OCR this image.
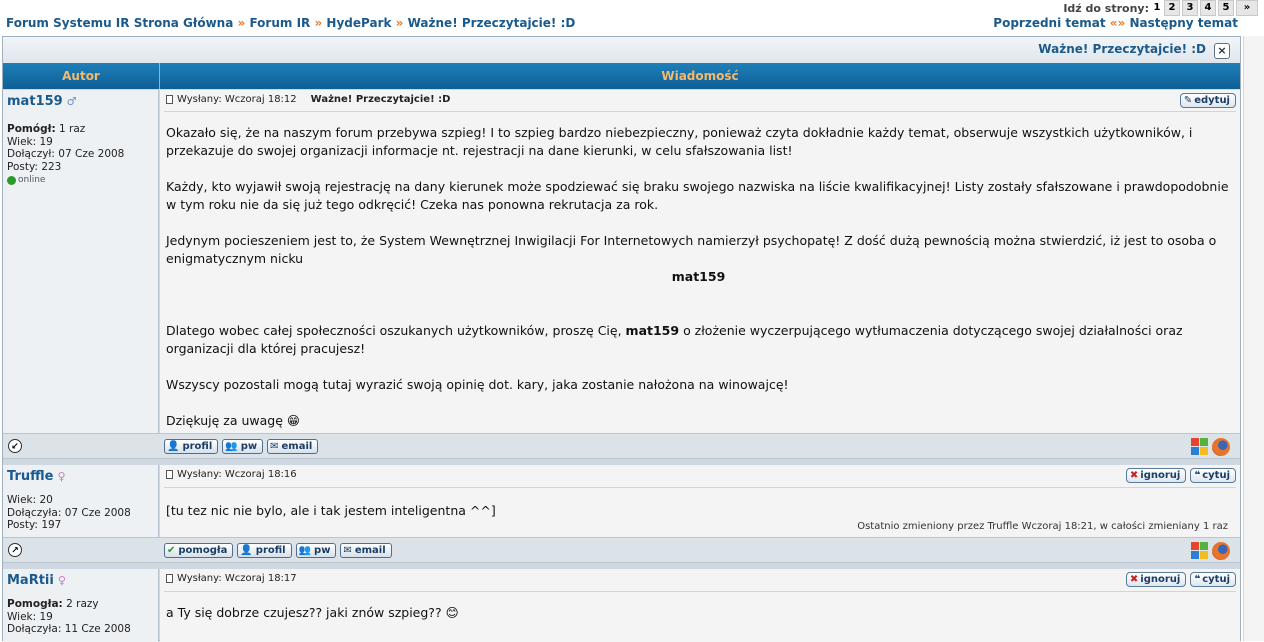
Idź do strony: 1 2	3	4	5	»
Forum Systemu IR Strona Główna » Forum IR » HydePark » Ważne! Przeczytajcie! :D	Poprzedni temat «» Następny temat
Ważne! Przeczytajcie! :D	×
Autor	Wiadomość
mat159 ♂
Pomógł: 1 raz
Wiek: 19
Dołączył: 07 Cze 2008
Posty: 223
online
Wysłany: Wczoraj 18:12 Ważne! Przeczytajcie! :D	✎ edytuj

Okazało się, że na naszym forum przebywa szpieg! I to szpieg bardzo niebezpieczny, ponieważ czyta dokładnie każdy temat, obserwuje wszystkich użytkowników, i przekazuje do swojej organizacji informacje nt. rejestracji na dane kierunki, w celu sfałszowania list!

Każdy, kto wyjawił swoją rejestrację na dany kierunek może spodziewać się braku swojego nazwiska na liście kwalifikacyjnej! Listy zostały sfałszowane i prawdopodobnie w tym roku nie da się już tego odkręcić! Czeka nas ponowna rekrutacja za rok.

Jedynym pocieszeniem jest to, że System Wewnętrznej Inwigilacji For Internetowych namierzył psychopatę! Z dość dużą pewnością można stwierdzić, iż jest to osoba o enigmatycznym nicku

mat159

Dlatego wobec całej społeczności oszukanych użytkowników, proszę Cię, mat159 o złożenie wyczerpującego wytłumaczenia dotyczącego swojej działalności oraz organizacji dla której pracujesz!

Wszyscy pozostali mogą tutaj wyrazić swoją opinię dot. kary, jaka zostanie nałożona na winowajcę!

Dziękuję za uwagę 😁

↙	👤 profil 👥 pw ✉ email
Truffle ♀
Wiek: 20
Dołączyła: 07 Cze 2008
Posty: 197
Wysłany: Wczoraj 18:16	✖ ignoruj ❝ cytuj
[tu tez nic nie bylo, ale i tak jestem inteligentna ^^]
Ostatnio zmieniony przez Truffle Wczoraj 18:21, w całości zmieniany 1 raz
↗	✔ pomogła 👤 profil 👥 pw ✉ email
MaRtii ♀
Pomogła: 2 razy
Wiek: 19
Dołączyła: 11 Cze 2008
Wysłany: Wczoraj 18:17	✖ ignoruj ❝ cytuj
a Ty się dobrze czujesz?? jaki znów szpieg?? 😊
